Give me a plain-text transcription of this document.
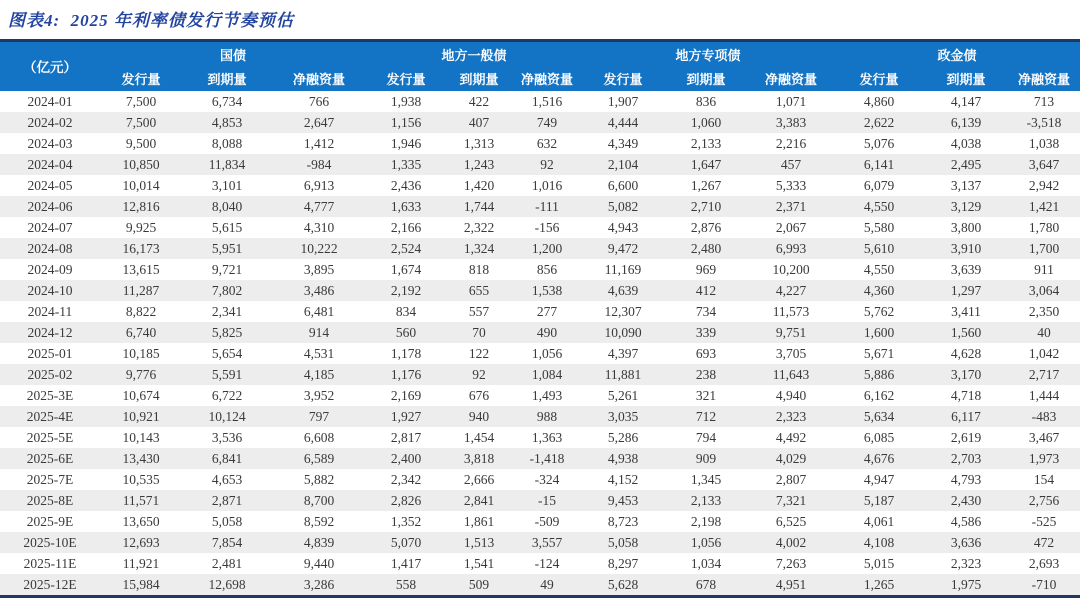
图表4:  2025 年利率债发行节奏预估
（亿元）	国债			地方一般债			地方专项债			政金债		
	发行量	到期量	净融资量	发行量	到期量	净融资量	发行量	到期量	净融资量	发行量	到期量	净融资量
2024-01	7,500	6,734	766	1,938	422	1,516	1,907	836	1,071	4,860	4,147	713
2024-02	7,500	4,853	2,647	1,156	407	749	4,444	1,060	3,383	2,622	6,139	-3,518
2024-03	9,500	8,088	1,412	1,946	1,313	632	4,349	2,133	2,216	5,076	4,038	1,038
2024-04	10,850	11,834	-984	1,335	1,243	92	2,104	1,647	457	6,141	2,495	3,647
2024-05	10,014	3,101	6,913	2,436	1,420	1,016	6,600	1,267	5,333	6,079	3,137	2,942
2024-06	12,816	8,040	4,777	1,633	1,744	-111	5,082	2,710	2,371	4,550	3,129	1,421
2024-07	9,925	5,615	4,310	2,166	2,322	-156	4,943	2,876	2,067	5,580	3,800	1,780
2024-08	16,173	5,951	10,222	2,524	1,324	1,200	9,472	2,480	6,993	5,610	3,910	1,700
2024-09	13,615	9,721	3,895	1,674	818	856	11,169	969	10,200	4,550	3,639	911
2024-10	11,287	7,802	3,486	2,192	655	1,538	4,639	412	4,227	4,360	1,297	3,064
2024-11	8,822	2,341	6,481	834	557	277	12,307	734	11,573	5,762	3,411	2,350
2024-12	6,740	5,825	914	560	70	490	10,090	339	9,751	1,600	1,560	40
2025-01	10,185	5,654	4,531	1,178	122	1,056	4,397	693	3,705	5,671	4,628	1,042
2025-02	9,776	5,591	4,185	1,176	92	1,084	11,881	238	11,643	5,886	3,170	2,717
2025-3E	10,674	6,722	3,952	2,169	676	1,493	5,261	321	4,940	6,162	4,718	1,444
2025-4E	10,921	10,124	797	1,927	940	988	3,035	712	2,323	5,634	6,117	-483
2025-5E	10,143	3,536	6,608	2,817	1,454	1,363	5,286	794	4,492	6,085	2,619	3,467
2025-6E	13,430	6,841	6,589	2,400	3,818	-1,418	4,938	909	4,029	4,676	2,703	1,973
2025-7E	10,535	4,653	5,882	2,342	2,666	-324	4,152	1,345	2,807	4,947	4,793	154
2025-8E	11,571	2,871	8,700	2,826	2,841	-15	9,453	2,133	7,321	5,187	2,430	2,756
2025-9E	13,650	5,058	8,592	1,352	1,861	-509	8,723	2,198	6,525	4,061	4,586	-525
2025-10E	12,693	7,854	4,839	5,070	1,513	3,557	5,058	1,056	4,002	4,108	3,636	472
2025-11E	11,921	2,481	9,440	1,417	1,541	-124	8,297	1,034	7,263	5,015	2,323	2,693
2025-12E	15,984	12,698	3,286	558	509	49	5,628	678	4,951	1,265	1,975	-710
